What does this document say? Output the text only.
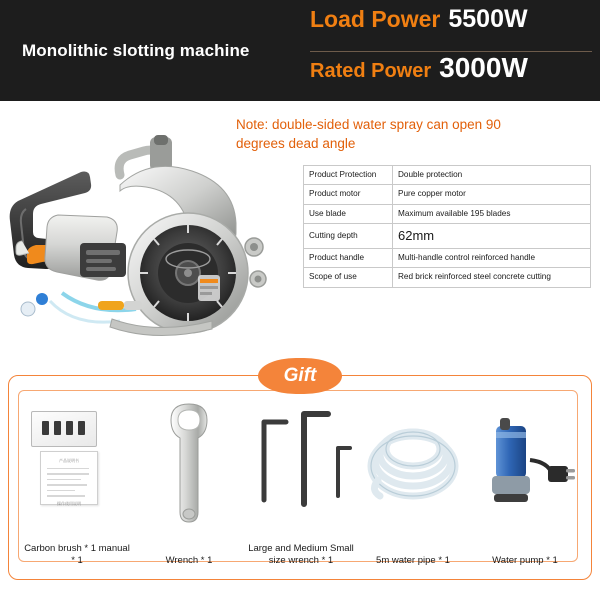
Monolithic slotting machine
Load Power 5500W
Rated Power 3000W
Note: double-sided water spray can open 90 degrees dead angle
Product Protection	Double protection
Product motor	Pure copper motor
Use blade	Maximum available 195 blades
Cutting depth	62mm
Product handle	Multi-handle control reinforced handle
Scope of use	Red brick reinforced steel concrete cutting
Gift
产品说明书
操作使用说明
Carbon brush * 1 manual * 1	Wrench * 1
Large and Medium Small size wrench * 1	5m water pipe * 1	Water pump * 1
